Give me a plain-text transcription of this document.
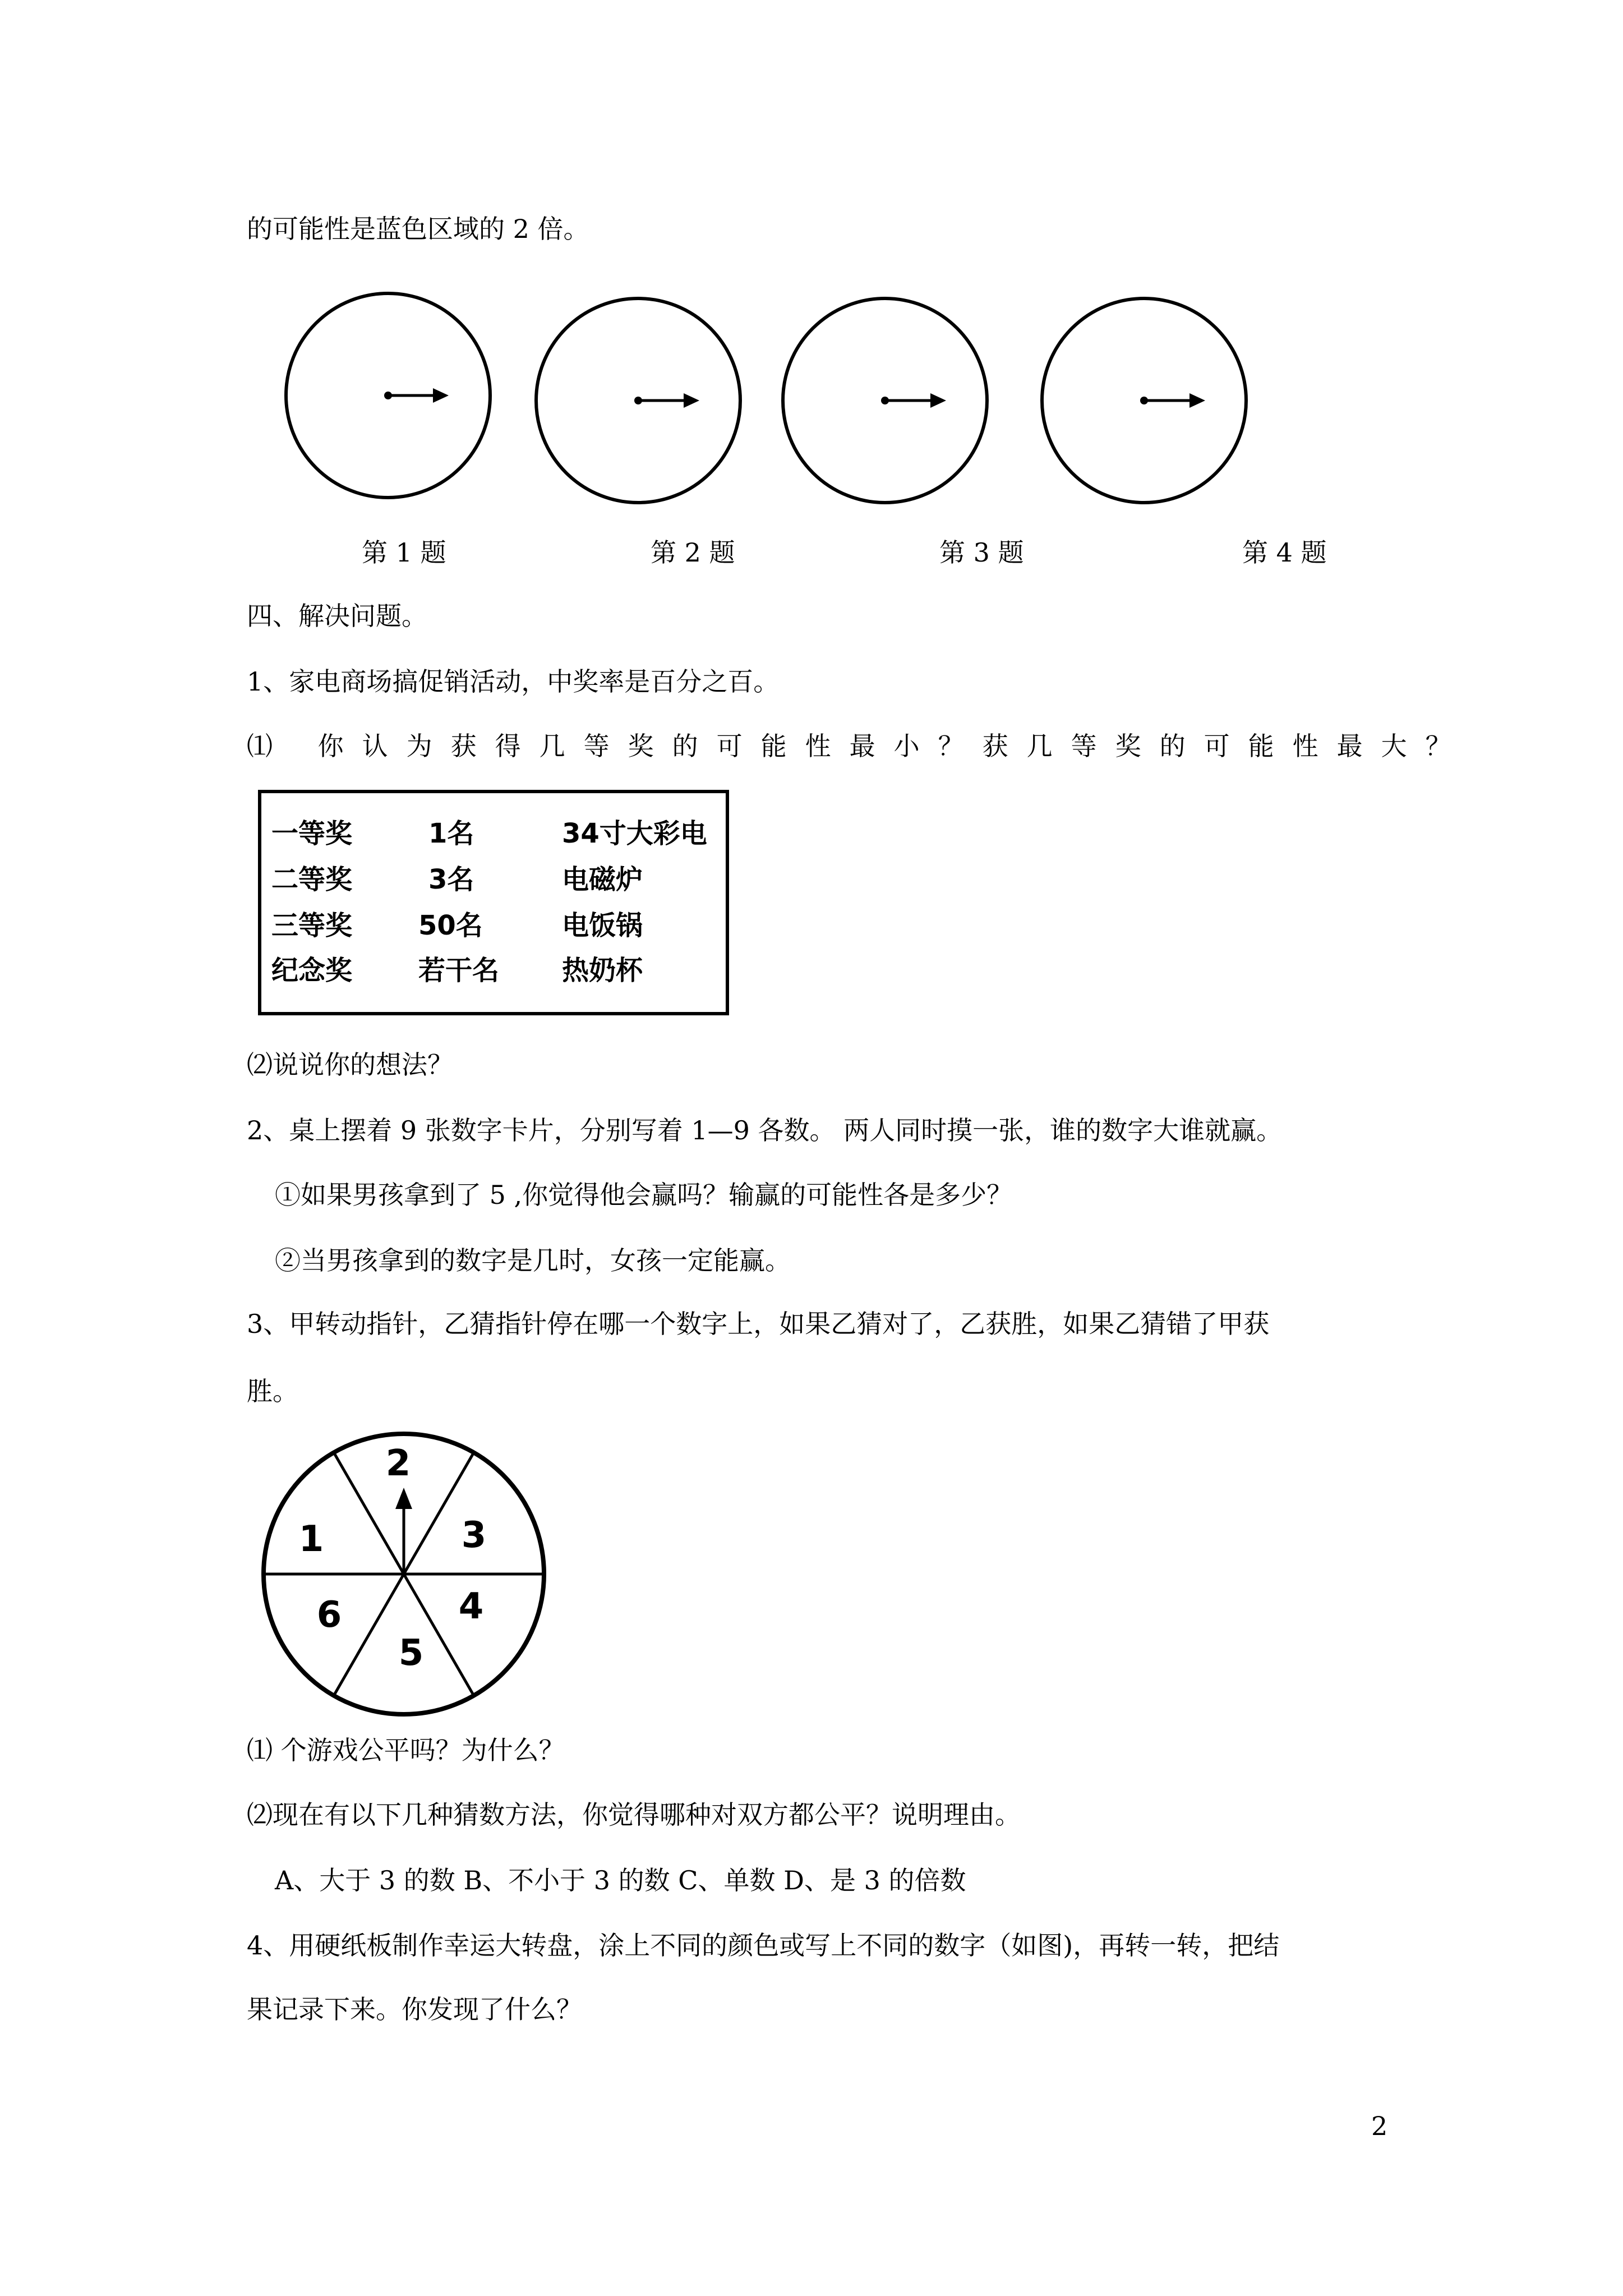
的可能性是蓝色区域的 2 倍。
第 1 题	第 2 题	第 3 题	第 4 题
四、解决问题。
1、家电商场搞促销活动，中奖率是百分之百。
⑴ 你认为获得几等奖的可能性最小？获几等奖的可能性最大？
一等奖	1名	34寸大彩电
二等奖	3名	电磁炉
三等奖 50名	电饭锅
纪念奖 若干名 热奶杯
⑵说说你的想法？
2、桌上摆着 9 张数字卡片，分别写着 1—9 各数。 两人同时摸一张，谁的数字大谁就赢。
①如果男孩拿到了 5 ,你觉得他会赢吗？输赢的可能性各是多少？
②当男孩拿到的数字是几时，女孩一定能赢。
3、甲转动指针，乙猜指针停在哪一个数字上，如果乙猜对了，乙获胜，如果乙猜错了甲获
胜。
2
3
4
5
6
1
⑴ 个游戏公平吗？为什么？
⑵现在有以下几种猜数方法，你觉得哪种对双方都公平？说明理由。
A、大于 3 的数 B、不小于 3 的数 C、单数 D、是 3 的倍数
4、用硬纸板制作幸运大转盘，涂上不同的颜色或写上不同的数字（如图)，再转一转，把结
果记录下来。你发现了什么？
2
